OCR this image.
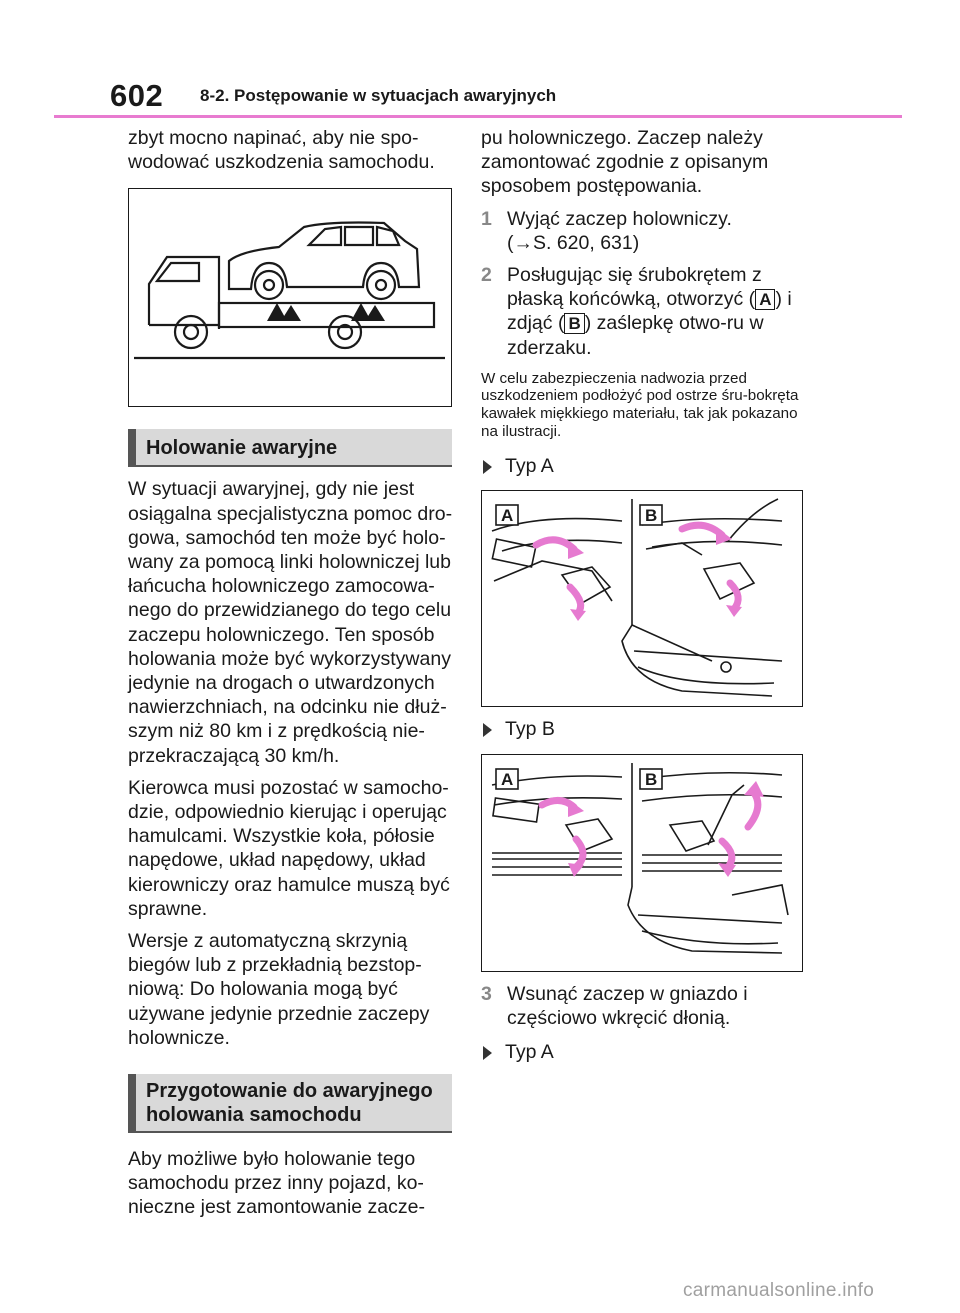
602 8-2. Postępowanie w sytuacjach awaryjnych

zbyt mocno napinać, aby nie spo-wodować uszkodzenia samochodu.

Holowanie awaryjne

W sytuacji awaryjnej, gdy nie jest osiągalna specjalistyczna pomoc dro-gowa, samochód ten może być holo-wany za pomocą linki holowniczej lub łańcucha holowniczego zamocowa-nego do przewidzianego do tego celu zaczepu holowniczego. Ten sposób holowania może być wykorzystywany jedynie na drogach o utwardzonych nawierzchniach, na odcinku nie dłuż-szym niż 80 km i z prędkością nie-przekraczającą 30 km/h.

Kierowca musi pozostać w samocho-dzie, odpowiednio kierując i operując hamulcami. Wszystkie koła, półosie napędowe, układ napędowy, układ kierowniczy oraz hamulce muszą być sprawne.

Wersje z automatyczną skrzynią biegów lub z przekładnią bezstop-niową: Do holowania mogą być używane jedynie przednie zaczepy holownicze.

Przygotowanie do awaryjnego holowania samochodu

Aby możliwe było holowanie tego samochodu przez inny pojazd, ko-nieczne jest zamontowanie zacze-

pu holowniczego. Zaczep należy zamontować zgodnie z opisanym sposobem postępowania.

1 Wyjąć zaczep holowniczy.

(→S. 620, 631)

2 Posługując się śrubokrętem z płaską końcówką, otworzyć ( A ) i zdjąć ( B ) zaślepkę otwo-ru w zderzaku.

W celu zabezpieczenia nadwozia przed uszkodzeniem podłożyć pod ostrze śru-bokręta kawałek miękkiego materiału, tak jak pokazano na ilustracji.

Typ A
A	B
Typ B
A	B
3 Wsunąć zaczep w gniazdo i częściowo wkręcić dłonią.

Typ A
carmanualsonline.info
